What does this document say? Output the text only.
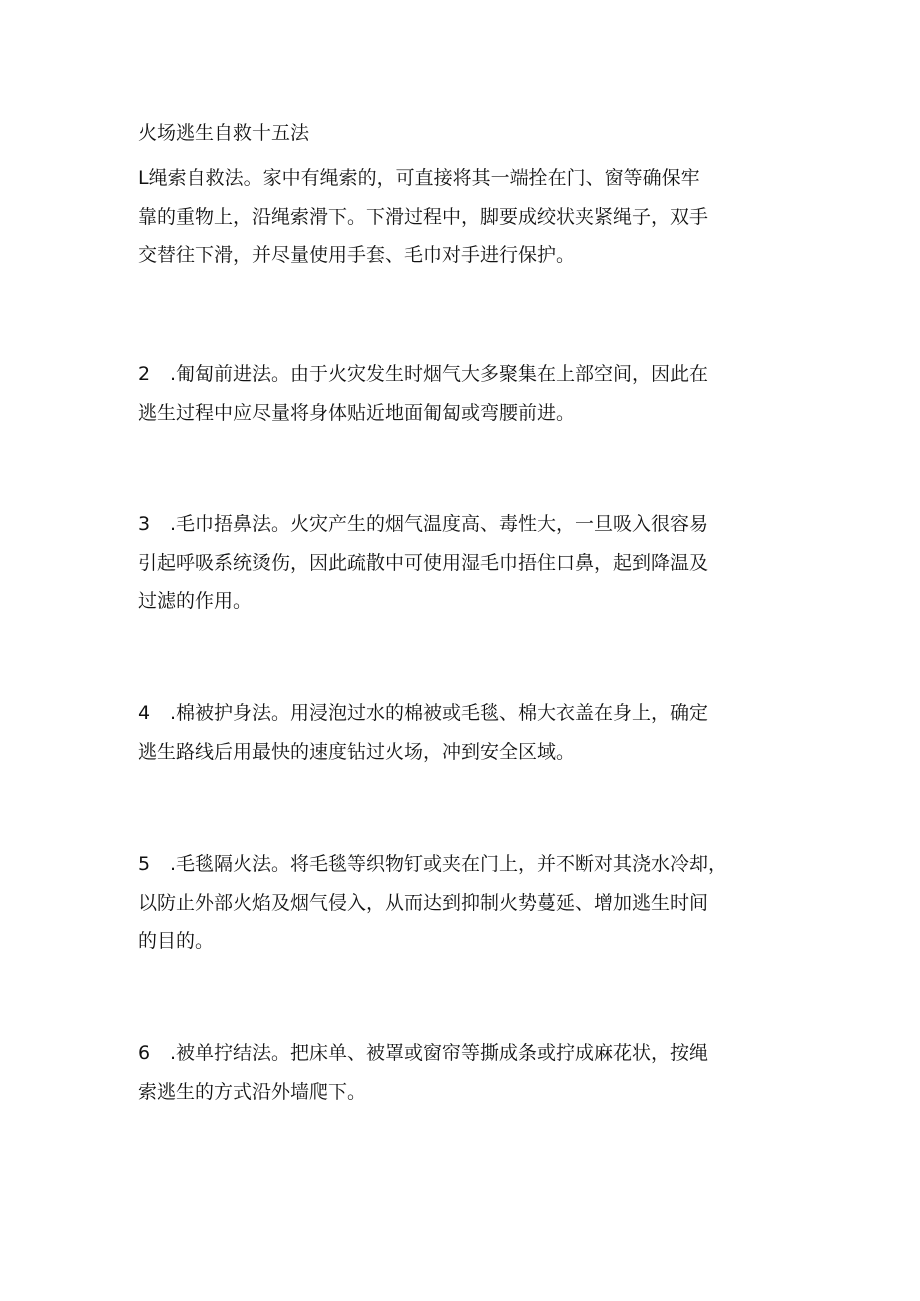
火场逃生自救十五法
L绳索自救法。家中有绳索的，可直接将其一端拴在门、窗等确保牢
靠的重物上，沿绳索滑下。下滑过程中，脚要成绞状夹紧绳子，双手
交替往下滑，并尽量使用手套、毛巾对手进行保护。
2 .匍匐前进法。由于火灾发生时烟气大多聚集在上部空间，因此在
逃生过程中应尽量将身体贴近地面匍匐或弯腰前进。
3 .毛巾捂鼻法。火灾产生的烟气温度高、毒性大，一旦吸入很容易
引起呼吸系统烫伤，因此疏散中可使用湿毛巾捂住口鼻，起到降温及
过滤的作用。
4 .棉被护身法。用浸泡过水的棉被或毛毯、棉大衣盖在身上，确定
逃生路线后用最快的速度钻过火场，冲到安全区域。
5 .毛毯隔火法。将毛毯等织物钉或夹在门上，并不断对其浇水冷却，
以防止外部火焰及烟气侵入，从而达到抑制火势蔓延、增加逃生时间
的目的。
6 .被单拧结法。把床单、被罩或窗帘等撕成条或拧成麻花状，按绳
索逃生的方式沿外墙爬下。
